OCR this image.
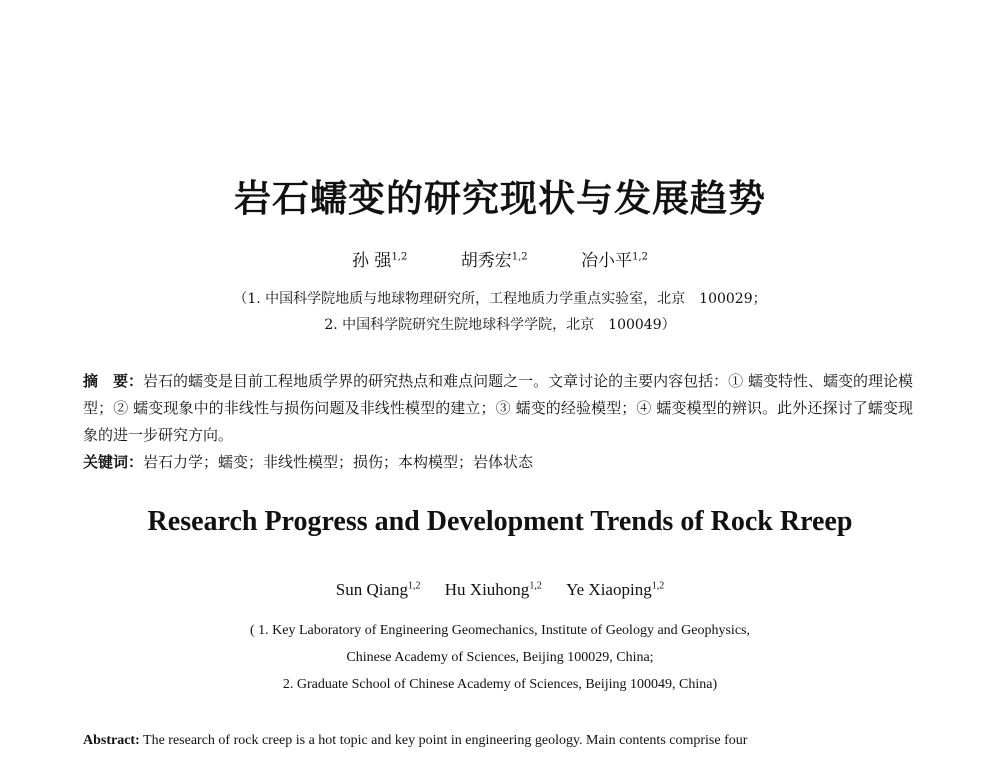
岩石蠕变的研究现状与发展趋势
孙 强$^{1,2}$	胡秀宏$^{1,2}$	冶小平$^{1,2}$
（1. 中国科学院地质与地球物理研究所，工程地质力学重点实验室，北京　100029；
2. 中国科学院研究生院地球科学学院，北京　100049）
摘　要：岩石的蠕变是目前工程地质学界的研究热点和难点问题之一。文章讨论的主要内容包括：① 蠕变特性、蠕变的理论模型；② 蠕变现象中的非线性与损伤问题及非线性模型的建立；③ 蠕变的经验模型；④ 蠕变模型的辨识。此外还探讨了蠕变现象的进一步研究方向。
关键词：岩石力学；蠕变；非线性模型；损伤；本构模型；岩体状态
Research Progress and Development Trends of Rock Rreep
Sun Qiang$^{1,2}$ Hu Xiuhong$^{1,2}$ Ye Xiaoping$^{1,2}$
( 1. Key Laboratory of Engineering Geomechanics, Institute of Geology and Geophysics,
Chinese Academy of Sciences, Beijing 100029, China;
2. Graduate School of Chinese Academy of Sciences, Beijing 100049, China)
Abstract: The research of rock creep is a hot topic and key point in engineering geology. Main contents comprise four
